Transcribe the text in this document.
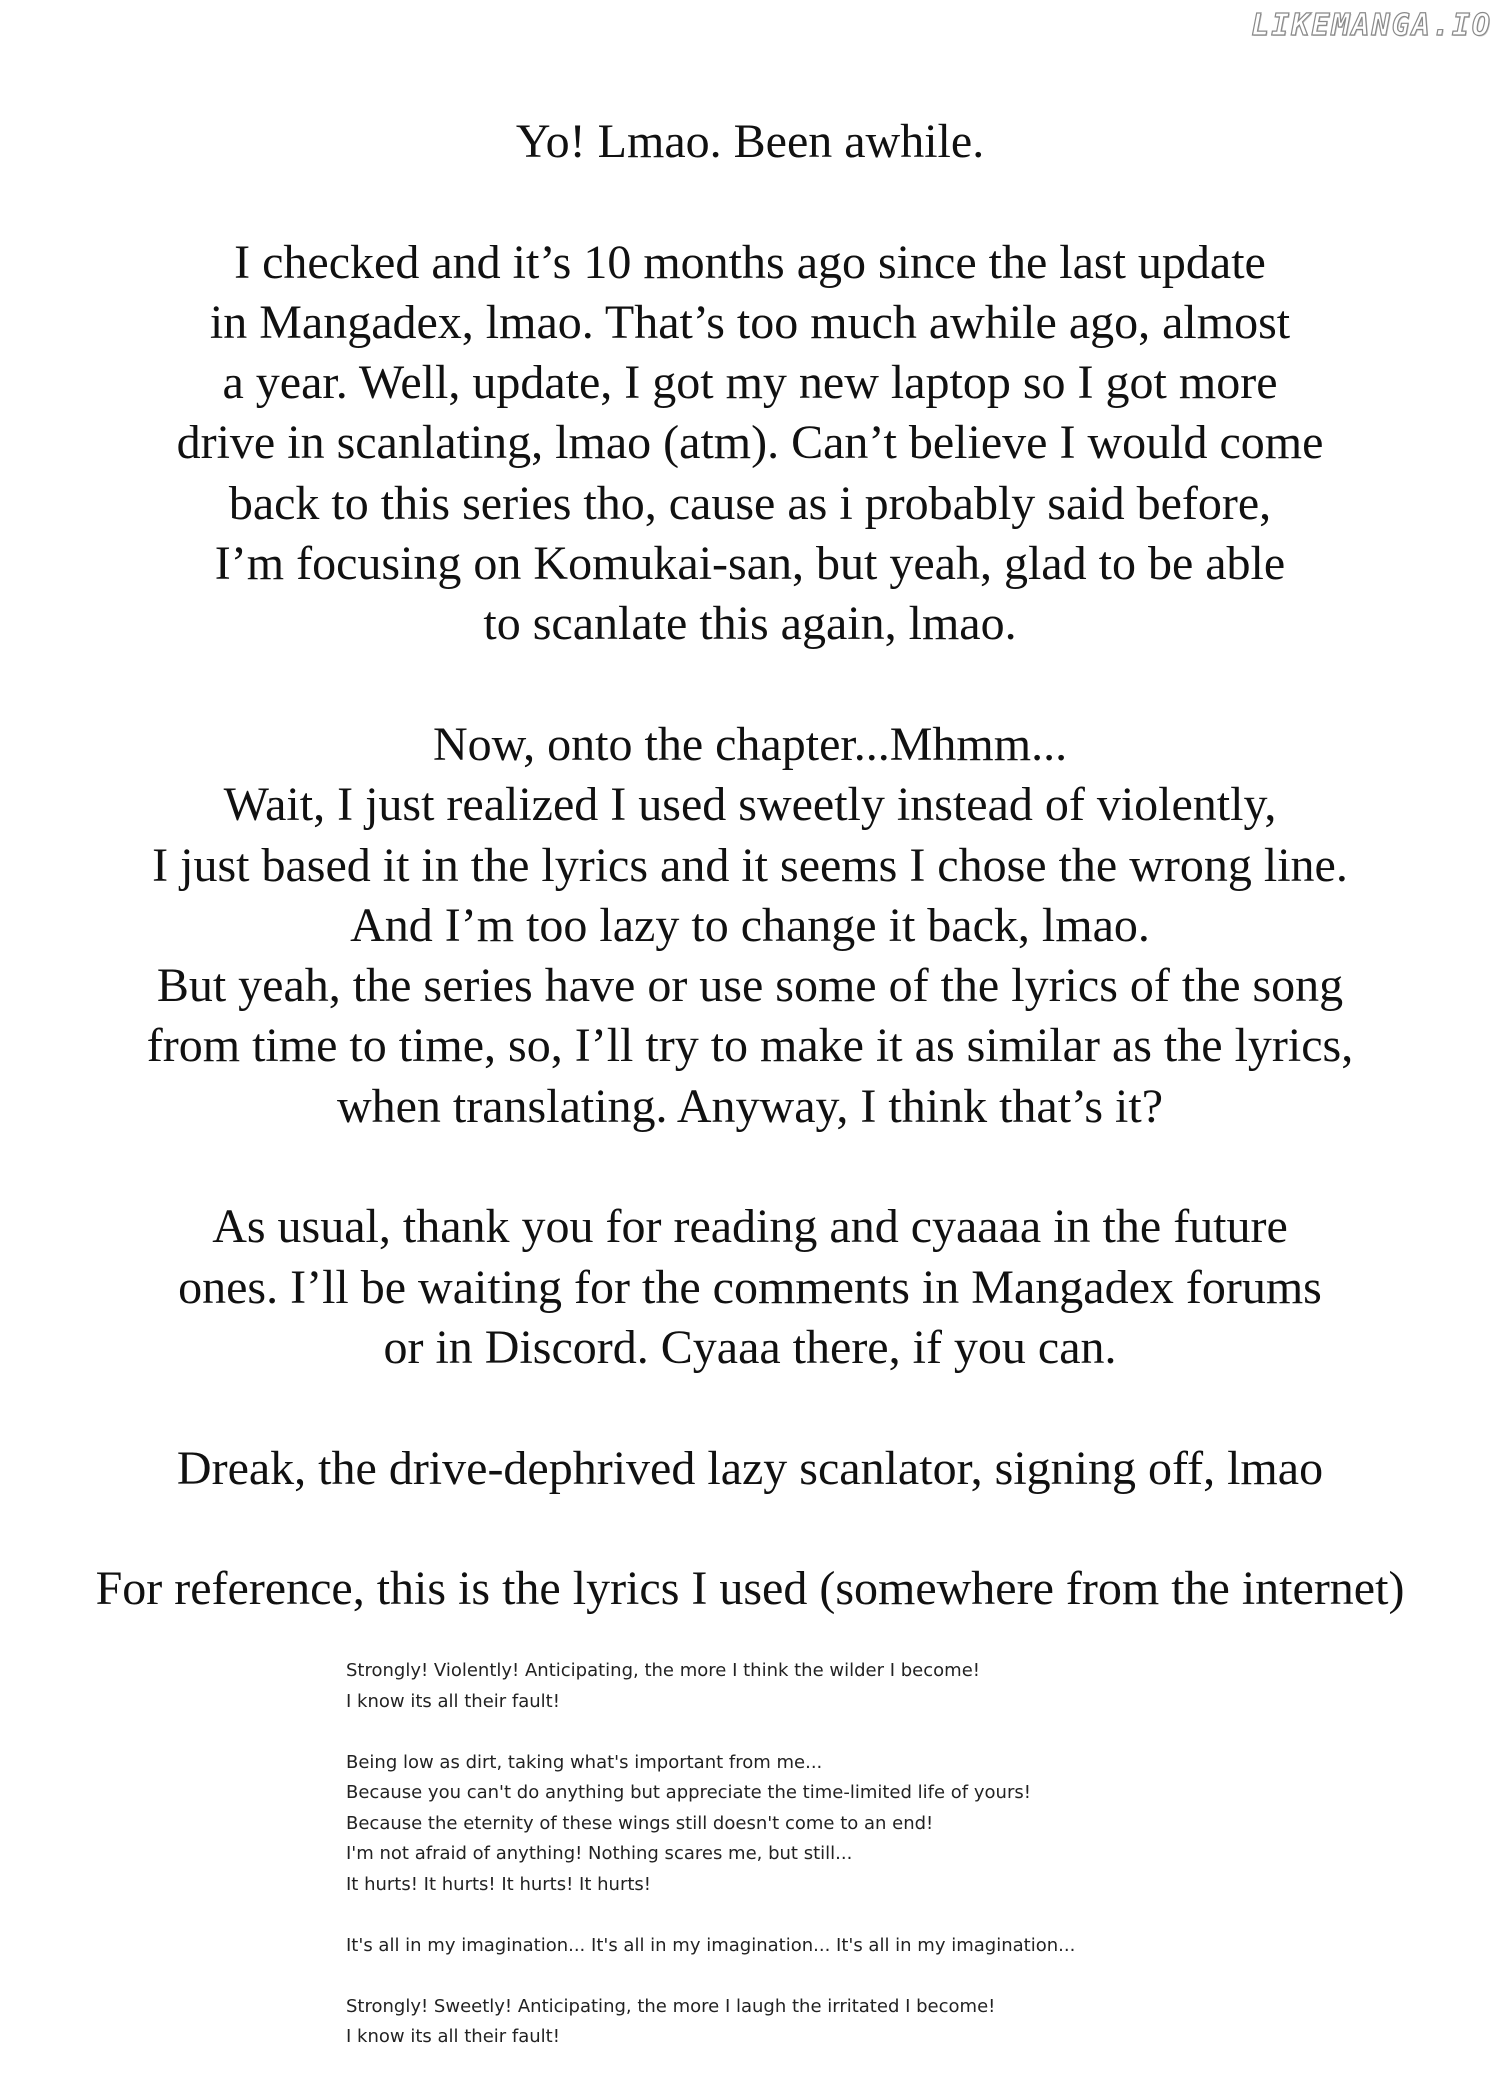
LIKEMANGA.IO

Yo! Lmao. Been awhile.

I checked and it’s 10 months ago since the last update
in Mangadex, lmao. That’s too much awhile ago, almost
a year. Well, update, I got my new laptop so I got more
drive in scanlating, lmao (atm). Can’t believe I would come
back to this series tho, cause as i probably said before,
I’m focusing on Komukai-san, but yeah, glad to be able
to scanlate this again, lmao.

Now, onto the chapter...Mhmm...
Wait, I just realized I used sweetly instead of violently,
I just based it in the lyrics and it seems I chose the wrong line.
And I’m too lazy to change it back, lmao.
But yeah, the series have or use some of the lyrics of the song
from time to time, so, I’ll try to make it as similar as the lyrics,
when translating. Anyway, I think that’s it?

As usual, thank you for reading and cyaaaa in the future
ones. I’ll be waiting for the comments in Mangadex forums
or in Discord. Cyaaa there, if you can.

Dreak, the drive-dephrived lazy scanlator, signing off, lmao

For reference, this is the lyrics I used (somewhere from the internet)

Strongly! Violently! Anticipating, the more I think the wilder I become!
I know its all their fault!
Being low as dirt, taking what's important from me...
Because you can't do anything but appreciate the time-limited life of yours!
Because the eternity of these wings still doesn't come to an end!
I'm not afraid of anything! Nothing scares me, but still...
It hurts! It hurts! It hurts! It hurts!
It's all in my imagination... It's all in my imagination... It's all in my imagination...
Strongly! Sweetly! Anticipating, the more I laugh the irritated I become!
I know its all their fault!
